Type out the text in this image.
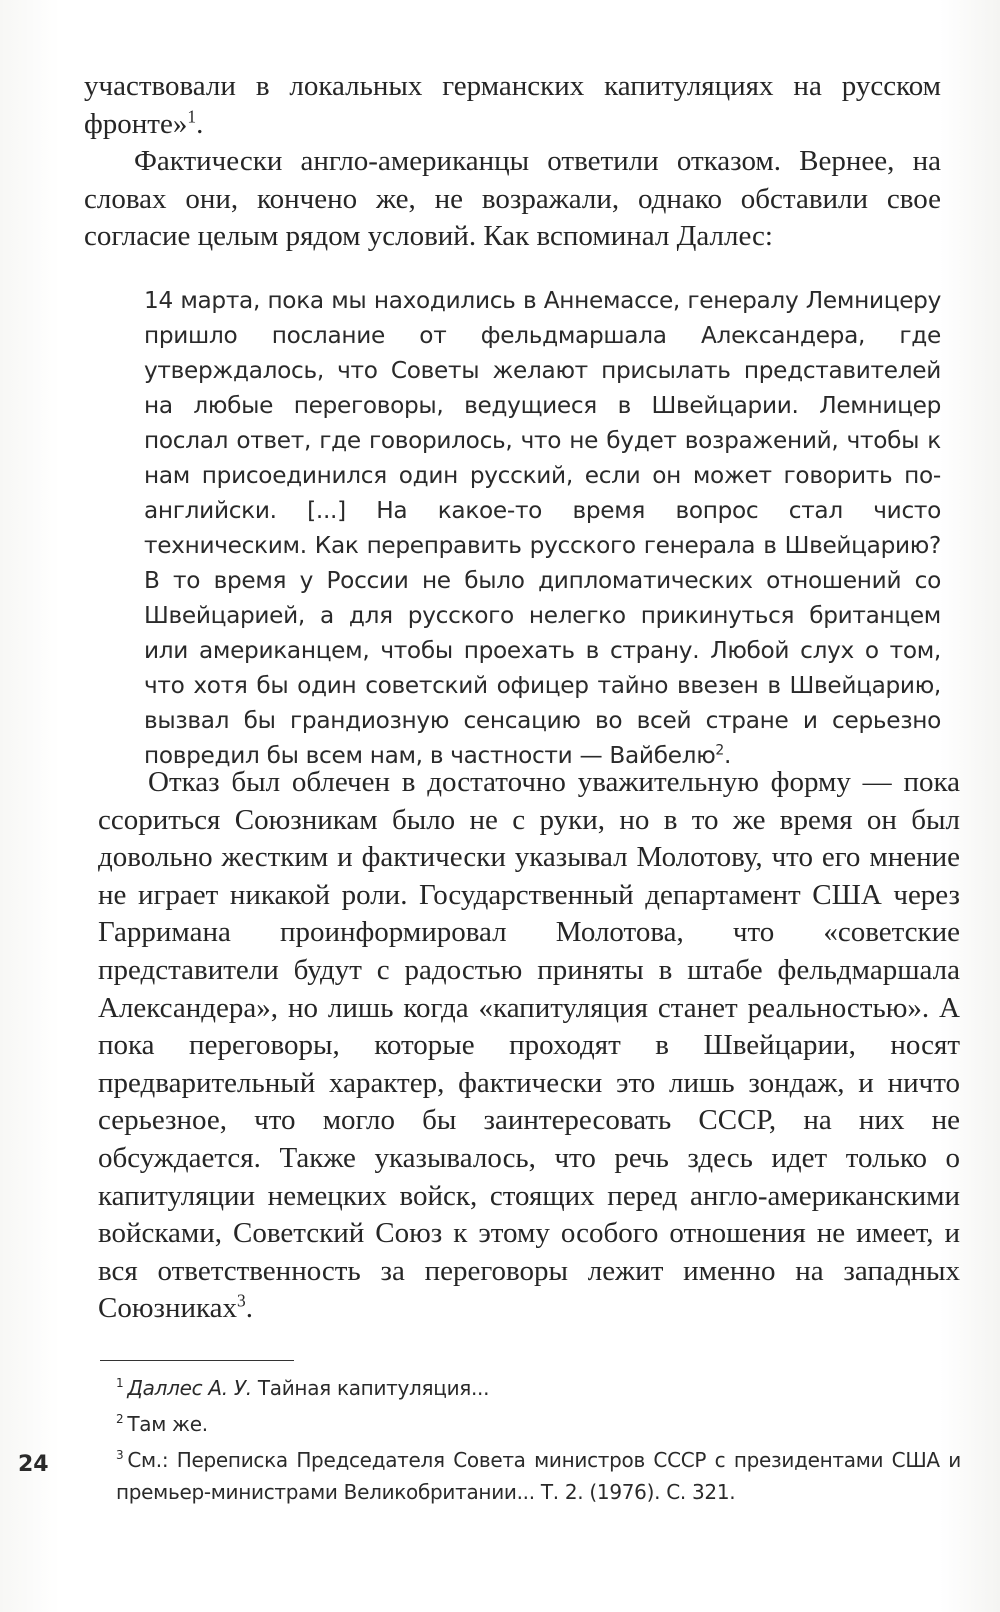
участвовали в локальных германских капитуляциях на русском фронте»$^1$.

Фактически англо-американцы ответили отказом. Вернее, на словах они, кончено же, не возражали, однако обставили свое согласие целым рядом условий. Как вспоминал Даллес:

14 марта, пока мы находились в Аннемассе, генералу Лемницеру пришло послание от фельдмаршала Александера, где утверждалось, что Советы желают присылать представителей на любые переговоры, ведущиеся в Швейцарии. Лемницер послал ответ, где говорилось, что не будет возражений, чтобы к нам присоединился один русский, если он может говорить по-английски. [...] На какое-то время вопрос стал чисто техническим. Как переправить русского генерала в Швейцарию? В то время у России не было дипломатических отношений со Швейцарией, а для русского нелегко прикинуться британцем или американцем, чтобы проехать в страну. Любой слух о том, что хотя бы один советский офицер тайно ввезен в Швейцарию, вызвал бы грандиозную сенсацию во всей стране и серьезно повредил бы всем нам, в частности — Вайбелю$^2$.

Отказ был облечен в достаточно уважительную форму — пока ссориться Союзникам было не с руки, но в то же время он был довольно жестким и фактически указывал Молотову, что его мнение не играет никакой роли. Государственный департамент США через Гарримана проинформировал Молотова, что «советские представители будут с радостью приняты в штабе фельдмаршала Александера», но лишь когда «капитуляция станет реальностью». А пока переговоры, которые проходят в Швейцарии, носят предварительный характер, фактически это лишь зондаж, и ничто серьезное, что могло бы заинтересовать СССР, на них не обсуждается. Также указывалось, что речь здесь идет только о капитуляции немецких войск, стоящих перед англо-американскими войсками, Советский Союз к этому особого отношения не имеет, и вся ответственность за переговоры лежит именно на западных Союзниках$^3$.

$^1$ Даллес А. У. Тайная капитуляция...

$^2$ Там же.

$^3$ См.: Переписка Председателя Совета министров СССР с президентами США и премьер-министрами Великобритании... Т. 2. (1976). С. 321.

24
